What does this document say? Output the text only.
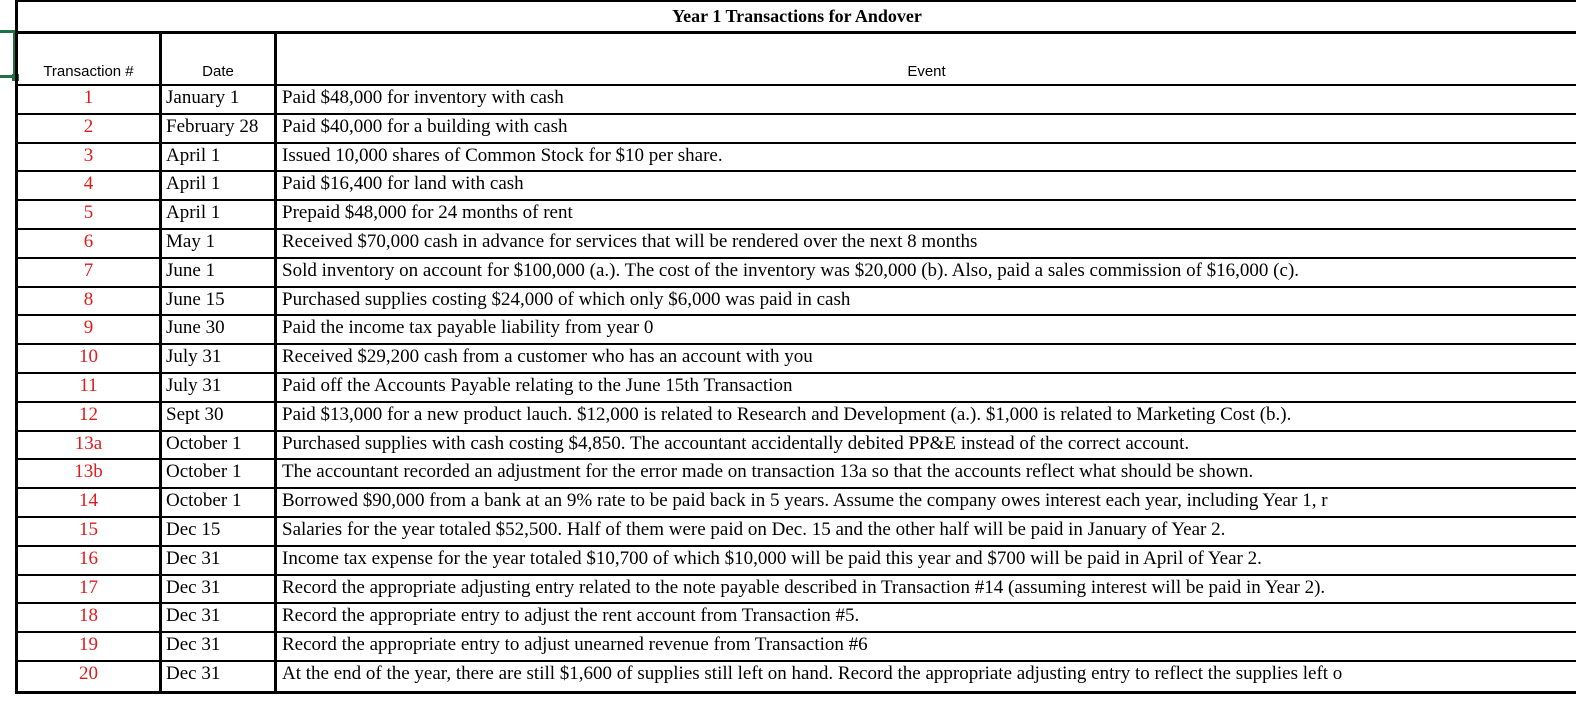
Year 1 Transactions for Andover
Transaction #	Date	Event
1	January 1	Paid $48,000 for inventory with cash
2	February 28	Paid $40,000 for a building with cash
3	April 1	Issued 10,000 shares of Common Stock for $10 per share.
4	April 1	Paid $16,400 for land with cash
5	April 1	Prepaid $48,000 for 24 months of rent
6	May 1	Received $70,000 cash in advance for services that will be rendered over the next 8 months
7	June 1	Sold inventory on account for $100,000 (a.). The cost of the inventory was $20,000 (b). Also, paid a sales commission of $16,000 (c).
8	June 15	Purchased supplies costing $24,000 of which only $6,000 was paid in cash
9	June 30	Paid the income tax payable liability from year 0
10	July 31	Received $29,200 cash from a customer who has an account with you
11	July 31	Paid off the Accounts Payable relating to the June 15th Transaction
12	Sept 30	Paid $13,000 for a new product lauch. $12,000 is related to Research and Development (a.). $1,000 is related to Marketing Cost (b.).
13a	October 1	Purchased supplies with cash costing $4,850. The accountant accidentally debited PP&E instead of the correct account.
13b	October 1	The accountant recorded an adjustment for the error made on transaction 13a so that the accounts reflect what should be shown.
14	October 1	Borrowed $90,000 from a bank at an 9% rate to be paid back in 5 years. Assume the company owes interest each year, including Year 1, r
15	Dec 15	Salaries for the year totaled $52,500. Half of them were paid on Dec. 15 and the other half will be paid in January of Year 2.
16	Dec 31	Income tax expense for the year totaled $10,700 of which $10,000 will be paid this year and $700 will be paid in April of Year 2.
17	Dec 31	Record the appropriate adjusting entry related to the note payable described in Transaction #14 (assuming interest will be paid in Year 2).
18	Dec 31	Record the appropriate entry to adjust the rent account from Transaction #5.
19	Dec 31	Record the appropriate entry to adjust unearned revenue from Transaction #6
20	Dec 31	At the end of the year, there are still $1,600 of supplies still left on hand. Record the appropriate adjusting entry to reflect the supplies left o
